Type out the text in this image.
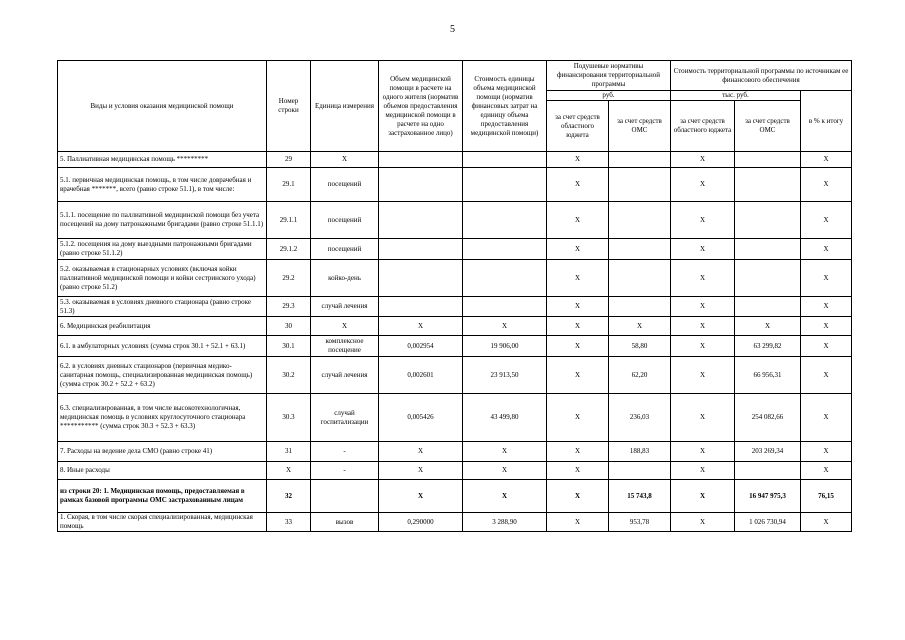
5
Виды и условия оказания медицинской помощи	Номер строки	Единица измерения	Объем медицинской помощи в расчете на одного жителя (норматив объемов предоставления медицинской помощи в расчете на одно застрахованное лицо)	Стоимость единицы объема медицинской помощи (норматив финансовых затрат на единицу объема предоставления медицинской помощи)	Подушевые нормативы финансирования территориальной программы		Стоимость территориальной программы по источникам ее финансового обеспечения		
					руб.		тыс. руб.		в % к итогу
					за счет средств областного юджета	за счет средств ОМС	за счет средств областного юджета	за счет средств ОМС	
5. Паллиативная медицинская помощь *********	29	X			X		X		X
5.1. первичная медицинская помощь, в том числе доврачебная и врачебная *******, всего (равно строке 51.1), в том числе:	29.1	посещений			X		X		X
5.1.1. посещение по паллиативной медицинской помощи без учета посещений на дому патронажными бригадами (равно строке 51.1.1)	29.1.1	посещений			X		X		X
5.1.2. посещения на дому выездными патронажными бригадами (равно строке 51.1.2)	29.1.2	посещений			X		X		X
5.2. оказываемая в стационарных условиях (включая койки паллиативной медицинской помощи и койки сестринского ухода) (равно строке 51.2)	29.2	койко-день			X		X		X
5.3. оказываемая в условиях дневного стационара (равно строке 51.3)	29.3	случай лечения			X		X		X
6. Медицинская реабилитация	30	X	X	X	X	X	X	X	X
6.1. в амбулаторных условиях (сумма строк 30.1 + 52.1 + 63.1)	30.1	комплексное посещение	0,002954	19 906,00	X	58,80	X	63 299,82	X
6.2. в условиях дневных стационаров (первичная медико-санитарная помощь, специализированная медицинская помощь) (сумма строк 30.2 + 52.2 + 63.2)	30.2	случай лечения	0,002601	23 913,50	X	62,20	X	66 956,31	X
6.3. специализированная, в том числе высокотехнологичная, медицинская помощь в условиях круглосуточного стационара *********** (сумма строк 30.3 + 52.3 + 63.3)	30.3	случай госпитализации	0,005426	43 499,80	X	236,03	X	254 082,66	X
7. Расходы на ведение дела СМО (равно строке 41)	31	-	X	X	X	188,83	X	203 269,34	X
8. Иные расходы	X	-	X	X	X		X		X
из строки 20: 1. Медицинская помощь, предоставляемая в рамках базовой программы ОМС застрахованным лицам	32		X	X	X	15 743,8	X	16 947 975,3	76,15
1. Скорая, в том числе скорая специализированная, медицинская помощь	33	вызов	0,290000	3 288,90	X	953,78	X	1 026 730,94	X
